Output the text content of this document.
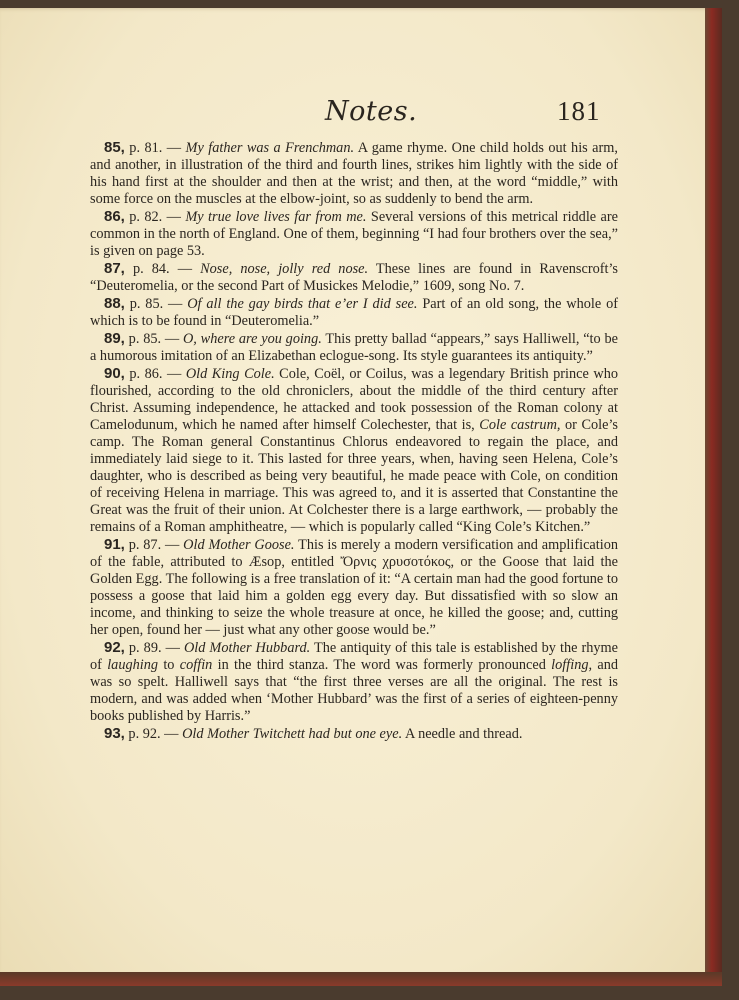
Notes.	181

85, p. 81. — My father was a Frenchman. A game rhyme. One child holds out his arm, and another, in illustration of the third and fourth lines, strikes him lightly with the side of his hand first at the shoulder and then at the wrist; and then, at the word “middle,” with some force on the muscles at the elbow-joint, so as suddenly to bend the arm.

86, p. 82. — My true love lives far from me. Several versions of this metrical riddle are common in the north of England. One of them, beginning “I had four brothers over the sea,” is given on page 53.

87, p. 84. — Nose, nose, jolly red nose. These lines are found in Ravenscroft’s “Deuteromelia, or the second Part of Musickes Melodie,” 1609, song No. 7.

88, p. 85. — Of all the gay birds that e’er I did see. Part of an old song, the whole of which is to be found in “Deuteromelia.”

89, p. 85. — O, where are you going. This pretty ballad “appears,” says Halliwell, “to be a humorous imitation of an Elizabethan eclogue-song. Its style guarantees its antiquity.”

90, p. 86. — Old King Cole. Cole, Coël, or Coilus, was a legendary British prince who flourished, according to the old chroniclers, about the middle of the third century after Christ. Assuming independence, he attacked and took possession of the Roman colony at Camelodunum, which he named after himself Colechester, that is, Cole castrum, or Cole’s camp. The Roman general Constantinus Chlorus endeavored to regain the place, and immediately laid siege to it. This lasted for three years, when, having seen Helena, Cole’s daughter, who is described as being very beautiful, he made peace with Cole, on condition of receiving Helena in marriage. This was agreed to, and it is asserted that Constantine the Great was the fruit of their union. At Colchester there is a large earthwork, — probably the remains of a Roman amphitheatre, — which is popularly called “King Cole’s Kitchen.”

91, p. 87. — Old Mother Goose. This is merely a modern versification and amplification of the fable, attributed to Æsop, entitled Ὄρνις χρυσοτόκος, or the Goose that laid the Golden Egg. The following is a free translation of it: “A certain man had the good fortune to possess a goose that laid him a golden egg every day. But dissatisfied with so slow an income, and thinking to seize the whole treasure at once, he killed the goose; and, cutting her open, found her — just what any other goose would be.”

92, p. 89. — Old Mother Hubbard. The antiquity of this tale is established by the rhyme of laughing to coffin in the third stanza. The word was formerly pronounced loffing, and was so spelt. Halliwell says that “the first three verses are all the original. The rest is modern, and was added when ‘Mother Hubbard’ was the first of a series of eighteen-penny books published by Harris.”

93, p. 92. — Old Mother Twitchett had but one eye. A needle and thread.
